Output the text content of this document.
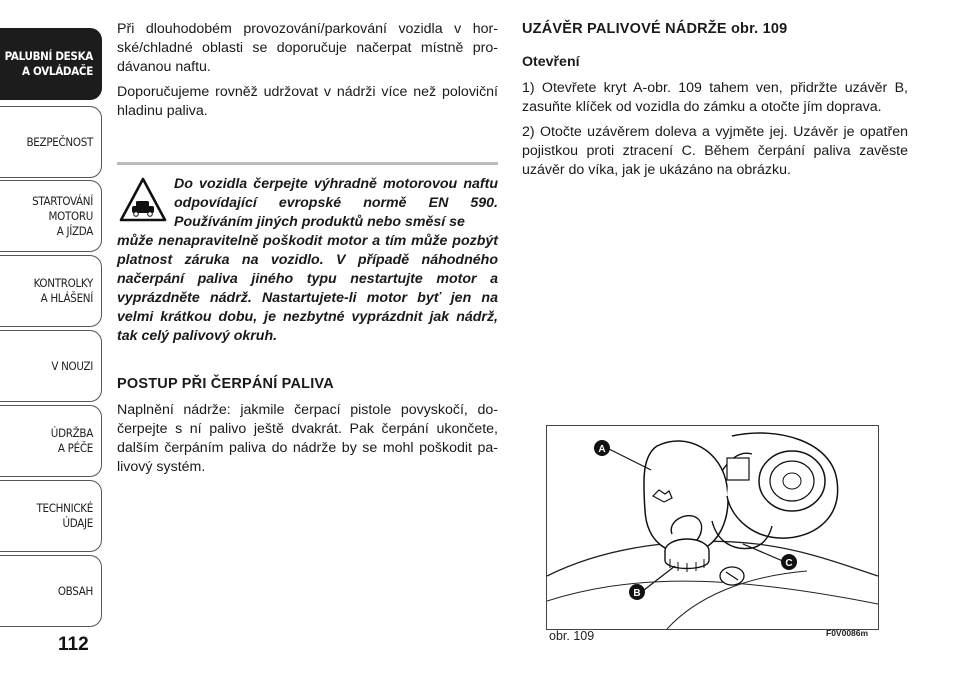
PALUBNÍ DESKA
A OVLÁDAČE
BEZPEČNOST
STARTOVÁNÍ
MOTORU
A JÍZDA
KONTROLKY
A HLÁŠENÍ
V NOUZI
ÚDRŽBA
A PÉČE
TECHNICKÉ
ÚDAJE
OBSAH
112

Při dlouhodobém provozování/parkování vozidla v horské/chladné oblasti se doporučuje načerpat místně prodávanou naftu.

Doporučujeme rovněž udržovat v nádrži více než poloviční hladinu paliva.

Do vozidla čerpejte výhradně motorovou naftu odpovídající evropské normě EN 590. Používáním jiných produktů nebo směsí se
může nenapravitelně poškodit motor a tím může pozbýt platnost záruka na vozidlo. V případě náhodného načerpání paliva jiného typu nestartujte motor a vyprázdněte nádrž. Nastartujete-li motor byť jen na velmi krátkou dobu, je nezbytné vyprázdnit jak nádrž, tak celý palivový okruh.

POSTUP PŘI ČERPÁNÍ PALIVA

Naplnění nádrže: jakmile čerpací pistole povyskočí, dočerpejte s ní palivo ještě dvakrát. Pak čerpání ukončete, dalším čerpáním paliva do nádrže by se mohl poškodit palivový systém.

UZÁVĚR PALIVOVÉ NÁDRŽE obr. 109

Otevření

1) Otevřete kryt A-obr. 109 tahem ven, přidržte uzávěr B, zasuňte klíček od vozidla do zámku a otočte jím doprava.

2) Otočte uzávěrem doleva a vyjměte jej. Uzávěr je opatřen pojistkou proti ztracení C. Během čerpání paliva zavěste uzávěr do víka, jak je ukázáno na obrázku.

A
B
C
obr. 109	F0V0086m
